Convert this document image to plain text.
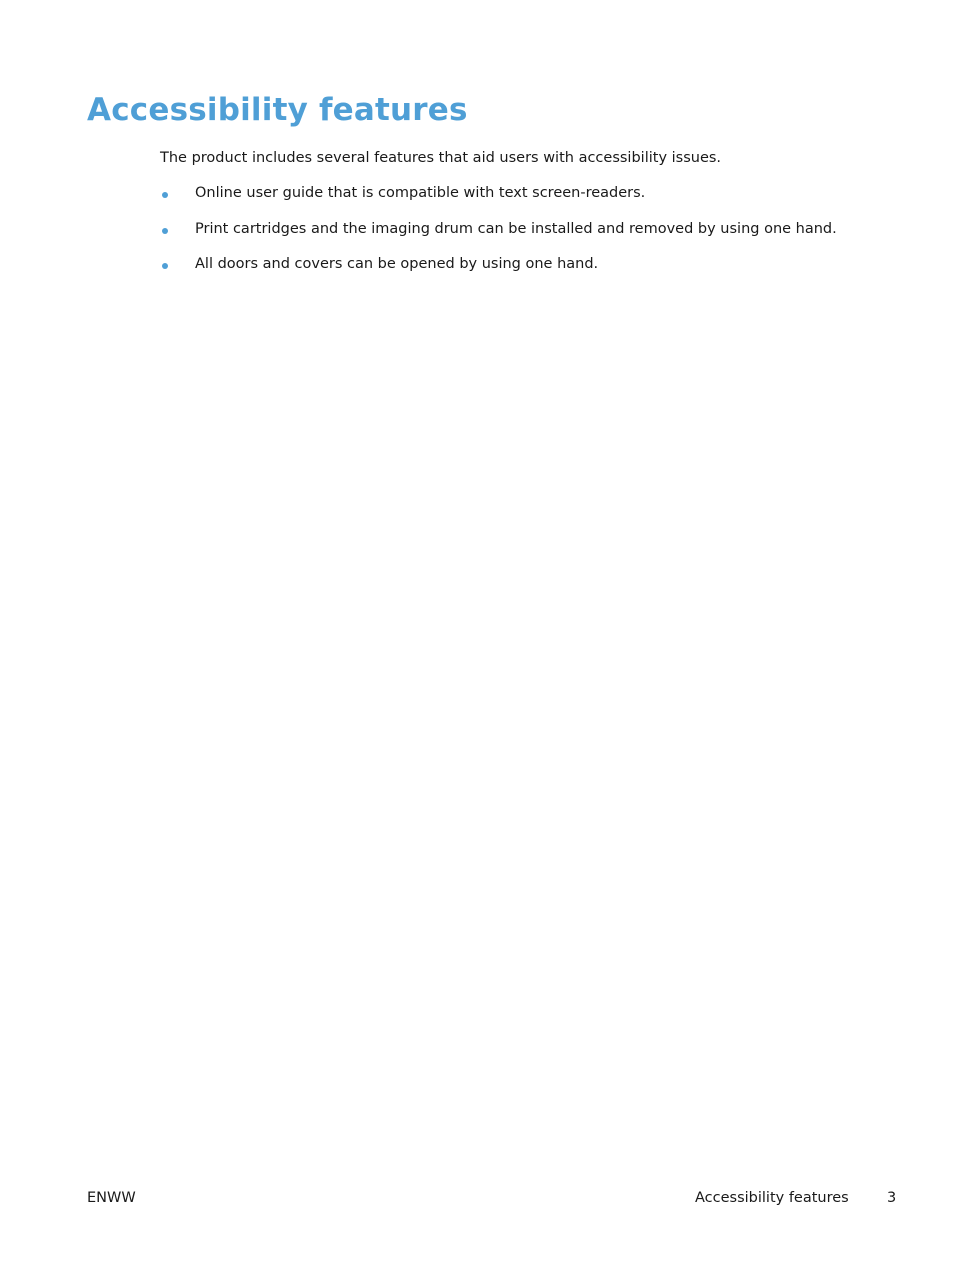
Accessibility features
The product includes several features that aid users with accessibility issues.
Online user guide that is compatible with text screen-readers.
Print cartridges and the imaging drum can be installed and removed by using one hand.
All doors and covers can be opened by using one hand.
ENWW	Accessibility features	3
